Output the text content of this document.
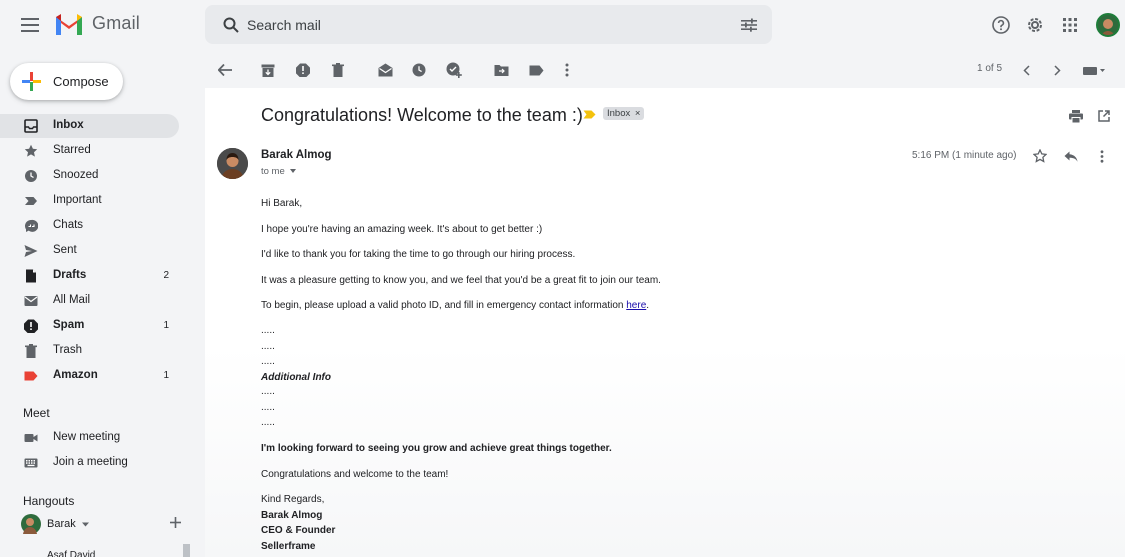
Gmail
Search mail
Compose
Inbox
Starred
Snoozed
Important
Chats
Sent
Drafts	2
All Mail
Spam	1
Trash
Amazon	1
Meet
New meeting
Join a meeting
Hangouts
Barak
Asaf David
1 of 5
Congratulations! Welcome to the team :)	Inbox ×
Barak Almog
to me
5:16 PM (1 minute ago)
Hi Barak,
I hope you're having an amazing week. It's about to get better :)
I'd like to thank you for taking the time to go through our hiring process.
It was a pleasure getting to know you, and we feel that you'd be a great fit to join our team.
To begin, please upload a valid photo ID, and fill in emergency contact information here.
.....
.....
.....
Additional Info
.....
.....
.....
I'm looking forward to seeing you grow and achieve great things together.
Congratulations and welcome to the team!
Kind Regards,
Barak Almog
CEO & Founder
Sellerframe
